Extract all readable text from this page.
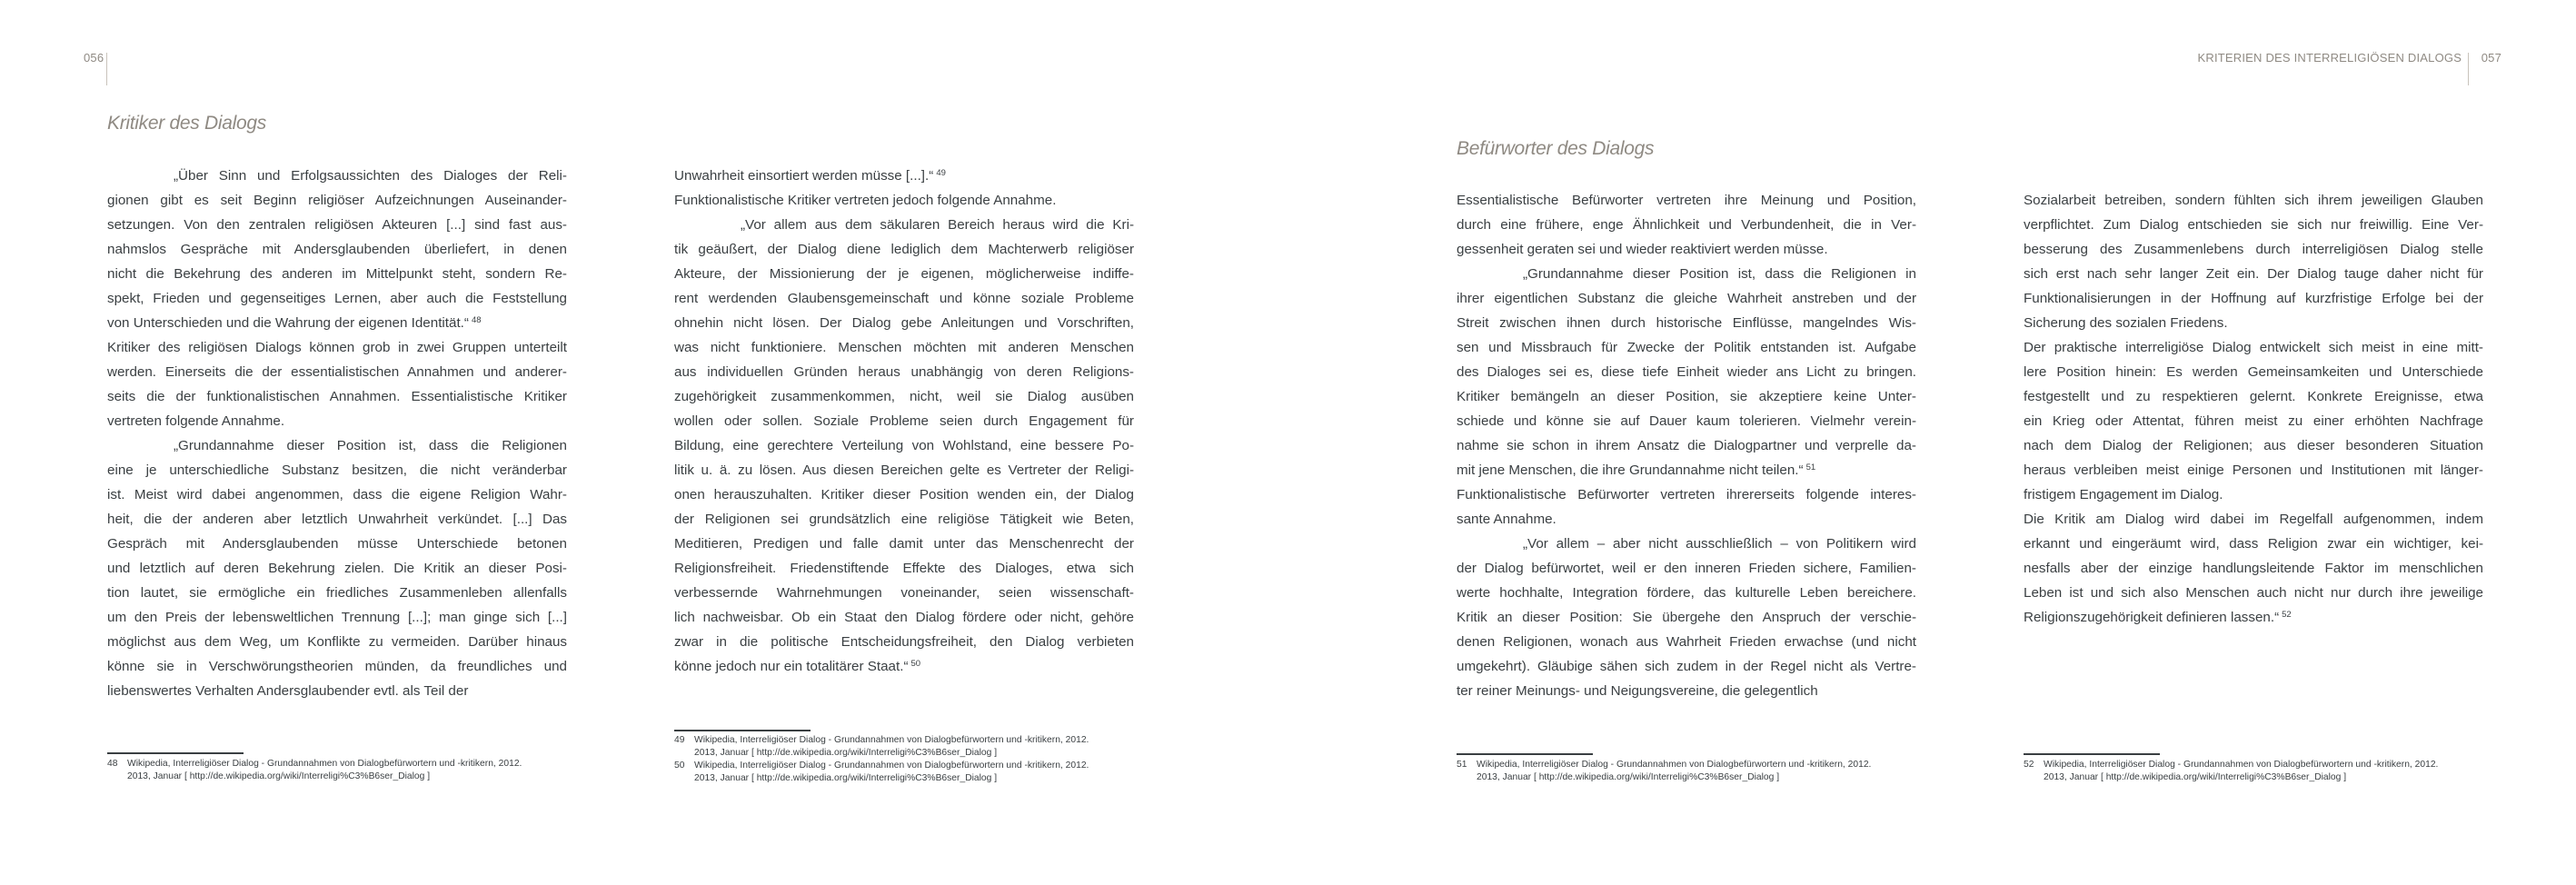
056
Kritiker des Dialogs
„Über Sinn und Erfolgsaussichten des Dialoges der Reli-
gionen gibt es seit Beginn religiöser Aufzeichnungen Auseinander-
setzungen. Von den zentralen religiösen Akteuren [...] sind fast aus-
nahmslos Gespräche mit Andersglaubenden überliefert, in denen
nicht die Bekehrung des anderen im Mittelpunkt steht, sondern Re-
spekt, Frieden und gegenseitiges Lernen, aber auch die Feststellung
von Unterschieden und die Wahrung der eigenen Identität.“ $^{48}$
Kritiker des religiösen Dialogs können grob in zwei Gruppen unterteilt
werden. Einerseits die der essentialistischen Annahmen und anderer-
seits die der funktionalistischen Annahmen. Essentialistische Kritiker
vertreten folgende Annahme.
„Grundannahme dieser Position ist, dass die Religionen
eine je unterschiedliche Substanz besitzen, die nicht veränderbar
ist. Meist wird dabei angenommen, dass die eigene Religion Wahr-
heit, die der anderen aber letztlich Unwahrheit verkündet. [...] Das
Gespräch mit Andersglaubenden müsse Unterschiede betonen
und letztlich auf deren Bekehrung zielen. Die Kritik an dieser Posi-
tion lautet, sie ermögliche ein friedliches Zusammenleben allenfalls
um den Preis der lebensweltlichen Trennung [...]; man ginge sich [...]
möglichst aus dem Weg, um Konflikte zu vermeiden. Darüber hinaus
könne sie in Verschwörungstheorien münden, da freundliches und
liebenswertes Verhalten Andersglaubender evtl. als Teil der
Unwahrheit einsortiert werden müsse [...].“ $^{49}$
Funktionalistische Kritiker vertreten jedoch folgende Annahme.
„Vor allem aus dem säkularen Bereich heraus wird die Kri-
tik geäußert, der Dialog diene lediglich dem Machterwerb religiöser
Akteure, der Missionierung der je eigenen, möglicherweise indiffe-
rent werdenden Glaubensgemeinschaft und könne soziale Probleme
ohnehin nicht lösen. Der Dialog gebe Anleitungen und Vorschriften,
was nicht funktioniere. Menschen möchten mit anderen Menschen
aus individuellen Gründen heraus unabhängig von deren Religions-
zugehörigkeit zusammenkommen, nicht, weil sie Dialog ausüben
wollen oder sollen. Soziale Probleme seien durch Engagement für
Bildung, eine gerechtere Verteilung von Wohlstand, eine bessere Po-
litik u. ä. zu lösen. Aus diesen Bereichen gelte es Vertreter der Religi-
onen herauszuhalten. Kritiker dieser Position wenden ein, der Dialog
der Religionen sei grundsätzlich eine religiöse Tätigkeit wie Beten,
Meditieren, Predigen und falle damit unter das Menschenrecht der
Religionsfreiheit. Friedenstiftende Effekte des Dialoges, etwa sich
verbessernde Wahrnehmungen voneinander, seien wissenschaft-
lich nachweisbar. Ob ein Staat den Dialog fördere oder nicht, gehöre
zwar in die politische Entscheidungsfreiheit, den Dialog verbieten
könne jedoch nur ein totalitärer Staat.“ $^{50}$
48 Wikipedia, Interreligiöser Dialog - Grundannahmen von Dialogbefürwortern und -kritikern, 2012.
2013, Januar [ http://de.wikipedia.org/wiki/Interreligi%C3%B6ser_Dialog ]
49 Wikipedia, Interreligiöser Dialog - Grundannahmen von Dialogbefürwortern und -kritikern, 2012.
2013, Januar [ http://de.wikipedia.org/wiki/Interreligi%C3%B6ser_Dialog ]
50 Wikipedia, Interreligiöser Dialog - Grundannahmen von Dialogbefürwortern und -kritikern, 2012.
2013, Januar [ http://de.wikipedia.org/wiki/Interreligi%C3%B6ser_Dialog ]
KRITERIEN DES INTERRELIGIÖSEN DIALOGS 057
Befürworter des Dialogs
Essentialistische Befürworter vertreten ihre Meinung und Position,
durch eine frühere, enge Ähnlichkeit und Verbundenheit, die in Ver-
gessenheit geraten sei und wieder reaktiviert werden müsse.
„Grundannahme dieser Position ist, dass die Religionen in
ihrer eigentlichen Substanz die gleiche Wahrheit anstreben und der
Streit zwischen ihnen durch historische Einflüsse, mangelndes Wis-
sen und Missbrauch für Zwecke der Politik entstanden ist. Aufgabe
des Dialoges sei es, diese tiefe Einheit wieder ans Licht zu bringen.
Kritiker bemängeln an dieser Position, sie akzeptiere keine Unter-
schiede und könne sie auf Dauer kaum tolerieren. Vielmehr verein-
nahme sie schon in ihrem Ansatz die Dialogpartner und verprelle da-
mit jene Menschen, die ihre Grundannahme nicht teilen.“ $^{51}$
Funktionalistische Befürworter vertreten ihrererseits folgende interes-
sante Annahme.
„Vor allem – aber nicht ausschließlich – von Politikern wird
der Dialog befürwortet, weil er den inneren Frieden sichere, Familien-
werte hochhalte, Integration fördere, das kulturelle Leben bereichere.
Kritik an dieser Position: Sie übergehe den Anspruch der verschie-
denen Religionen, wonach aus Wahrheit Frieden erwachse (und nicht
umgekehrt). Gläubige sähen sich zudem in der Regel nicht als Vertre-
ter reiner Meinungs- und Neigungsvereine, die gelegentlich
Sozialarbeit betreiben, sondern fühlten sich ihrem jeweiligen Glauben
verpflichtet. Zum Dialog entschieden sie sich nur freiwillig. Eine Ver-
besserung des Zusammenlebens durch interreligiösen Dialog stelle
sich erst nach sehr langer Zeit ein. Der Dialog tauge daher nicht für
Funktionalisierungen in der Hoffnung auf kurzfristige Erfolge bei der
Sicherung des sozialen Friedens.
Der praktische interreligiöse Dialog entwickelt sich meist in eine mitt-
lere Position hinein: Es werden Gemeinsamkeiten und Unterschiede
festgestellt und zu respektieren gelernt. Konkrete Ereignisse, etwa
ein Krieg oder Attentat, führen meist zu einer erhöhten Nachfrage
nach dem Dialog der Religionen; aus dieser besonderen Situation
heraus verbleiben meist einige Personen und Institutionen mit länger-
fristigem Engagement im Dialog.
Die Kritik am Dialog wird dabei im Regelfall aufgenommen, indem
erkannt und eingeräumt wird, dass Religion zwar ein wichtiger, kei-
nesfalls aber der einzige handlungsleitende Faktor im menschlichen
Leben ist und sich also Menschen auch nicht nur durch ihre jeweilige
Religionszugehörigkeit definieren lassen.“ $^{52}$
51 Wikipedia, Interreligiöser Dialog - Grundannahmen von Dialogbefürwortern und -kritikern, 2012.
2013, Januar [ http://de.wikipedia.org/wiki/Interreligi%C3%B6ser_Dialog ]
52 Wikipedia, Interreligiöser Dialog - Grundannahmen von Dialogbefürwortern und -kritikern, 2012.
2013, Januar [ http://de.wikipedia.org/wiki/Interreligi%C3%B6ser_Dialog ]
